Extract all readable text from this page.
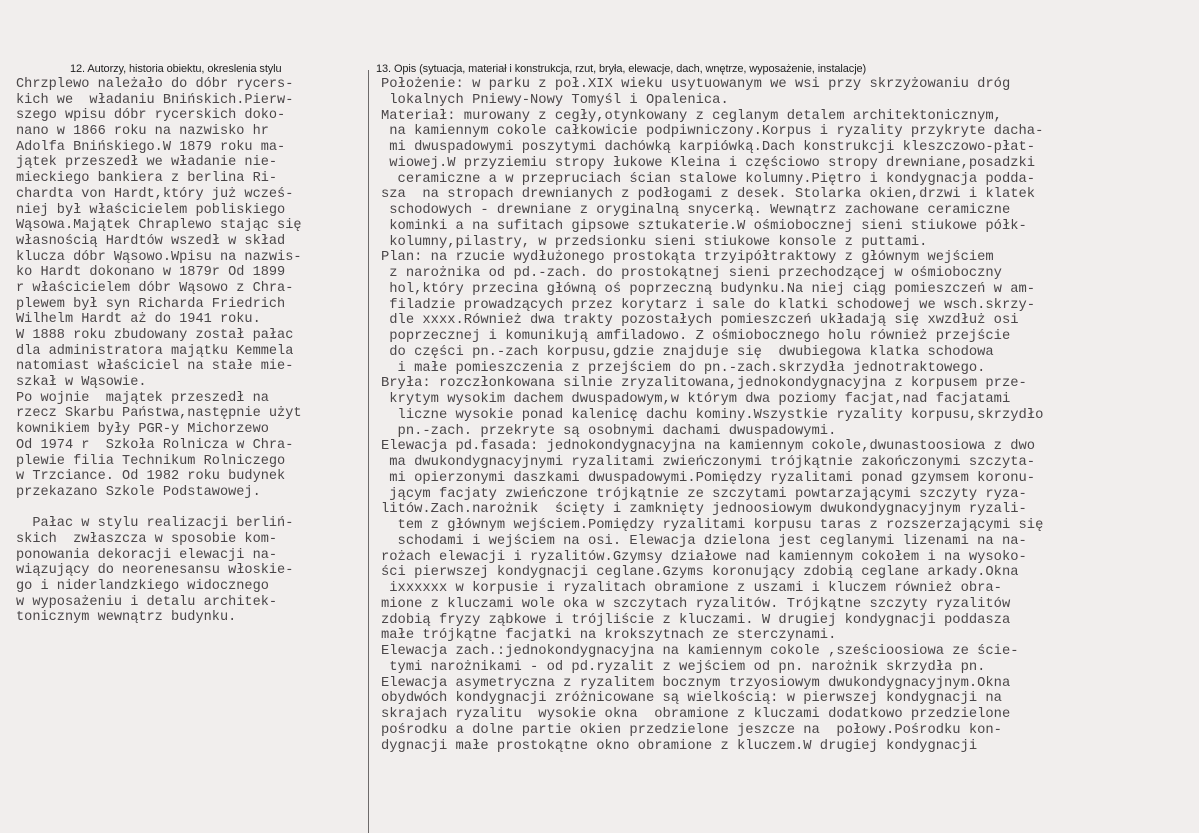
12. Autorzy, historia obiektu, okreslenia stylu	13. Opis (sytuacja, materiał i konstrukcja, rzut, bryła, elewacje, dach, wnętrze, wyposażenie, instalacje)
Chrzplewo należało do dóbr rycers-
kich we  władaniu Bnińskich.Pierw-
szego wpisu dóbr rycerskich doko-
nano w 1866 roku na nazwisko hr
Adolfa Bnińskiego.W 1879 roku ma-
jątek przeszedł we władanie nie-
mieckiego bankiera z berlina Ri-
chardta von Hardt,który już wcześ-
niej był właścicielem pobliskiego
Wąsowa.Majątek Chraplewo stając się
własnością Hardtów wszedł w skład
klucza dóbr Wąsowo.Wpisu na nazwis-
ko Hardt dokonano w 1879r Od 1899
r właścicielem dóbr Wąsowo z Chra-
plewem był syn Richarda Friedrich
Wilhelm Hardt aż do 1941 roku.
W 1888 roku zbudowany został pałac
dla administratora majątku Kemmela
natomiast właściciel na stałe mie-
szkał w Wąsowie.
Po wojnie  majątek przeszedł na
rzecz Skarbu Państwa,następnie użyt
kownikiem były PGR-y Michorzewo
Od 1974 r  Szkoła Rolnicza w Chra-
plewie filia Technikum Rolniczego
w Trzciance. Od 1982 roku budynek
przekazano Szkole Podstawowej.
Pałac w stylu realizacji berliń-
skich  zwłaszcza w sposobie kom-
ponowania dekoracji elewacji na-
wiązujący do neorenesansu włoskie-
go i niderlandzkiego widocznego
w wyposażeniu i detalu architek-
tonicznym wewnątrz budynku.
Położenie: w parku z poł.XIX wieku usytuowanym we wsi przy skrzyżowaniu dróg
lokalnych Pniewy-Nowy Tomyśl i Opalenica.
Materiał: murowany z cegły,otynkowany z ceglanym detalem architektonicznym,
na kamiennym cokole całkowicie podpiwniczony.Korpus i ryzality przykryte dacha-
mi dwuspadowymi poszytymi dachówką karpiówką.Dach konstrukcji kleszczowo-płat-
wiowej.W przyziemiu stropy łukowe Kleina i częściowo stropy drewniane,posadzki
ceramiczne a w przepruciach ścian stalowe kolumny.Piętro i kondygnacja podda-
sza  na stropach drewnianych z podłogami z desek. Stolarka okien,drzwi i klatek
schodowych - drewniane z oryginalną snycerką. Wewnątrz zachowane ceramiczne
kominki a na sufitach gipsowe sztukaterie.W ośmiobocznej sieni stiukowe półk-
kolumny,pilastry, w przedsionku sieni stiukowe konsole z puttami.
Plan: na rzucie wydłużonego prostokąta trzyipółtraktowy z głównym wejściem
z narożnika od pd.-zach. do prostokątnej sieni przechodzącej w ośmioboczny
hol,który przecina główną oś poprzeczną budynku.Na niej ciąg pomieszczeń w am-
filadzie prowadzących przez korytarz i sale do klatki schodowej we wsch.skrzy-
dle xxxx.Również dwa trakty pozostałych pomieszczeń układają się xwzdłuż osi
poprzecznej i komunikują amfiladowo. Z ośmiobocznego holu również przejście
do części pn.-zach korpusu,gdzie znajduje się  dwubiegowa klatka schodowa
i małe pomieszczenia z przejściem do pn.-zach.skrzydła jednotraktowego.
Bryła: rozczłonkowana silnie zryzalitowana,jednokondygnacyjna z korpusem prze-
krytym wysokim dachem dwuspadowym,w którym dwa poziomy facjat,nad facjatami
liczne wysokie ponad kalenicę dachu kominy.Wszystkie ryzality korpusu,skrzydło
pn.-zach. przekryte są osobnymi dachami dwuspadowymi.
Elewacja pd.fasada: jednokondygnacyjna na kamiennym cokole,dwunastoosiowa z dwo
ma dwukondygnacyjnymi ryzalitami zwieńczonymi trójkątnie zakończonymi szczyta-
mi opierzonymi daszkami dwuspadowymi.Pomiędzy ryzalitami ponad gzymsem koronu-
jącym facjaty zwieńczone trójkątnie ze szczytami powtarzającymi szczyty ryza-
litów.Zach.narożnik  ścięty i zamknięty jednoosiowym dwukondygnacyjnym ryzali-
tem z głównym wejściem.Pomiędzy ryzalitami korpusu taras z rozszerzającymi się
schodami i wejściem na osi. Elewacja dzielona jest ceglanymi lizenami na na-
rożach elewacji i ryzalitów.Gzymsy działowe nad kamiennym cokołem i na wysoko-
ści pierwszej kondygnacji ceglane.Gzyms koronujący zdobią ceglane arkady.Okna
ixxxxxx w korpusie i ryzalitach obramione z uszami i kluczem również obra-
mione z kluczami wole oka w szczytach ryzalitów. Trójkątne szczyty ryzalitów
zdobią fryzy ząbkowe i trójliście z kluczami. W drugiej kondygnacji poddasza
małe trójkątne facjatki na krokszytnach ze sterczynami.
Elewacja zach.:jednokondygnacyjna na kamiennym cokole ,sześcioosiowa ze ście-
tymi narożnikami - od pd.ryzalit z wejściem od pn. narożnik skrzydła pn.
Elewacja asymetryczna z ryzalitem bocznym trzyosiowym dwukondygnacyjnym.Okna
obydwóch kondygnacji zróżnicowane są wielkością: w pierwszej kondygnacji na
skrajach ryzalitu  wysokie okna  obramione z kluczami dodatkowo przedzielone
pośrodku a dolne partie okien przedzielone jeszcze na  połowy.Pośrodku kon-
dygnacji małe prostokątne okno obramione z kluczem.W drugiej kondygnacji
